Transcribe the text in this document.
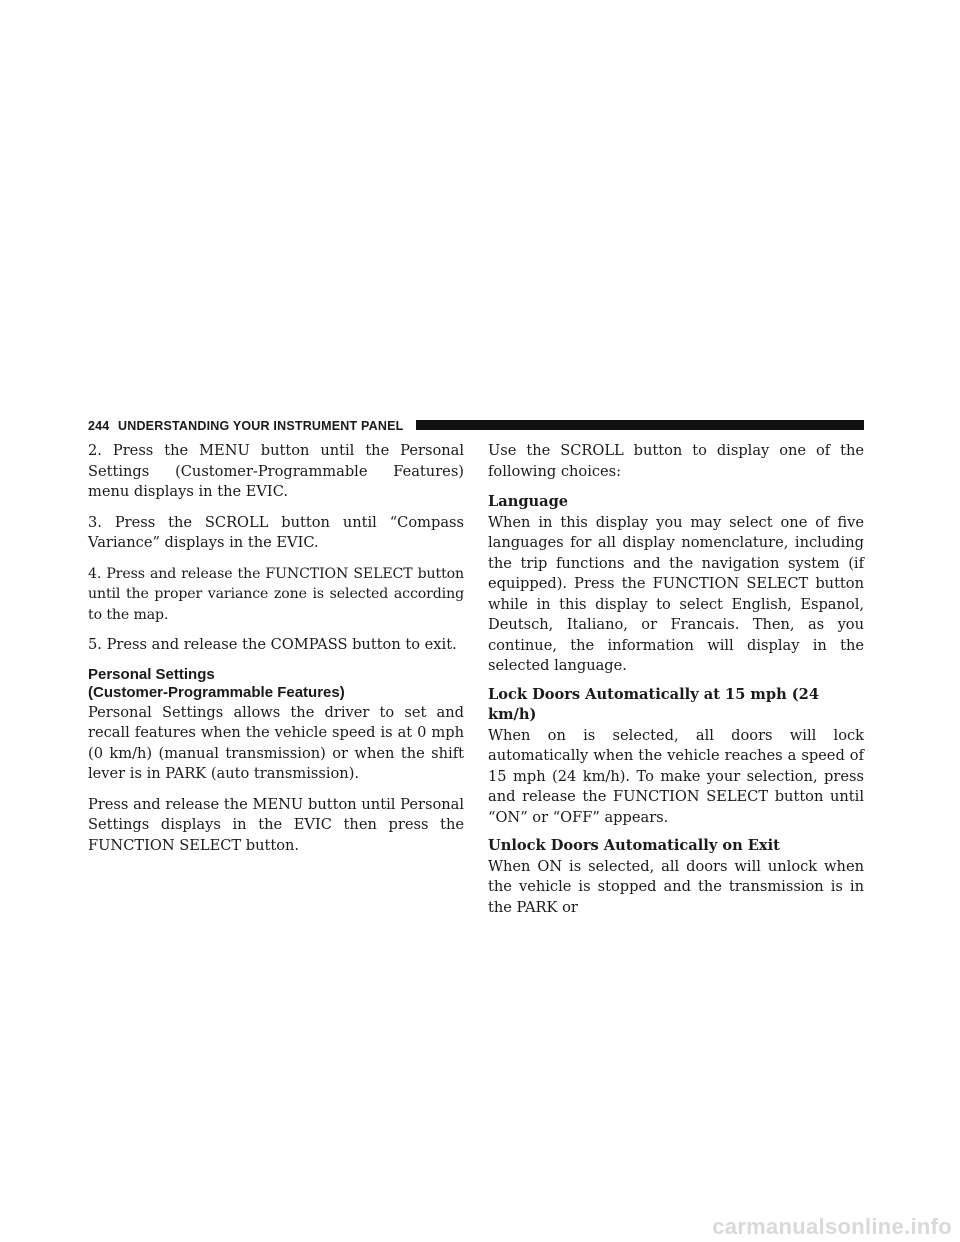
244 UNDERSTANDING YOUR INSTRUMENT PANEL

2. Press the MENU button until the Personal Settings (Customer-Programmable Features) menu displays in the EVIC.

3. Press the SCROLL button until “Compass Variance” displays in the EVIC.

4. Press and release the FUNCTION SELECT button until the proper variance zone is selected according to the map.

5. Press and release the COMPASS button to exit.

Personal Settings
(Customer-Programmable Features)

Personal Settings allows the driver to set and recall features when the vehicle speed is at 0 mph (0 km/h) (manual transmission) or when the shift lever is in PARK (auto transmission).

Press and release the MENU button until Personal Settings displays in the EVIC then press the FUNCTION SELECT button.

Use the SCROLL button to display one of the following choices:

Language

When in this display you may select one of five languages for all display nomenclature, including the trip functions and the navigation system (if equipped). Press the FUNCTION SELECT button while in this display to select English, Espanol, Deutsch, Italiano, or Francais. Then, as you continue, the information will display in the selected language.

Lock Doors Automatically at 15 mph (24 km/h)

When on is selected, all doors will lock automatically when the vehicle reaches a speed of 15 mph (24 km/h). To make your selection, press and release the FUNCTION SELECT button until “ON” or “OFF” appears.

Unlock Doors Automatically on Exit

When ON is selected, all doors will unlock when the vehicle is stopped and the transmission is in the PARK or

carmanualsonline.info
